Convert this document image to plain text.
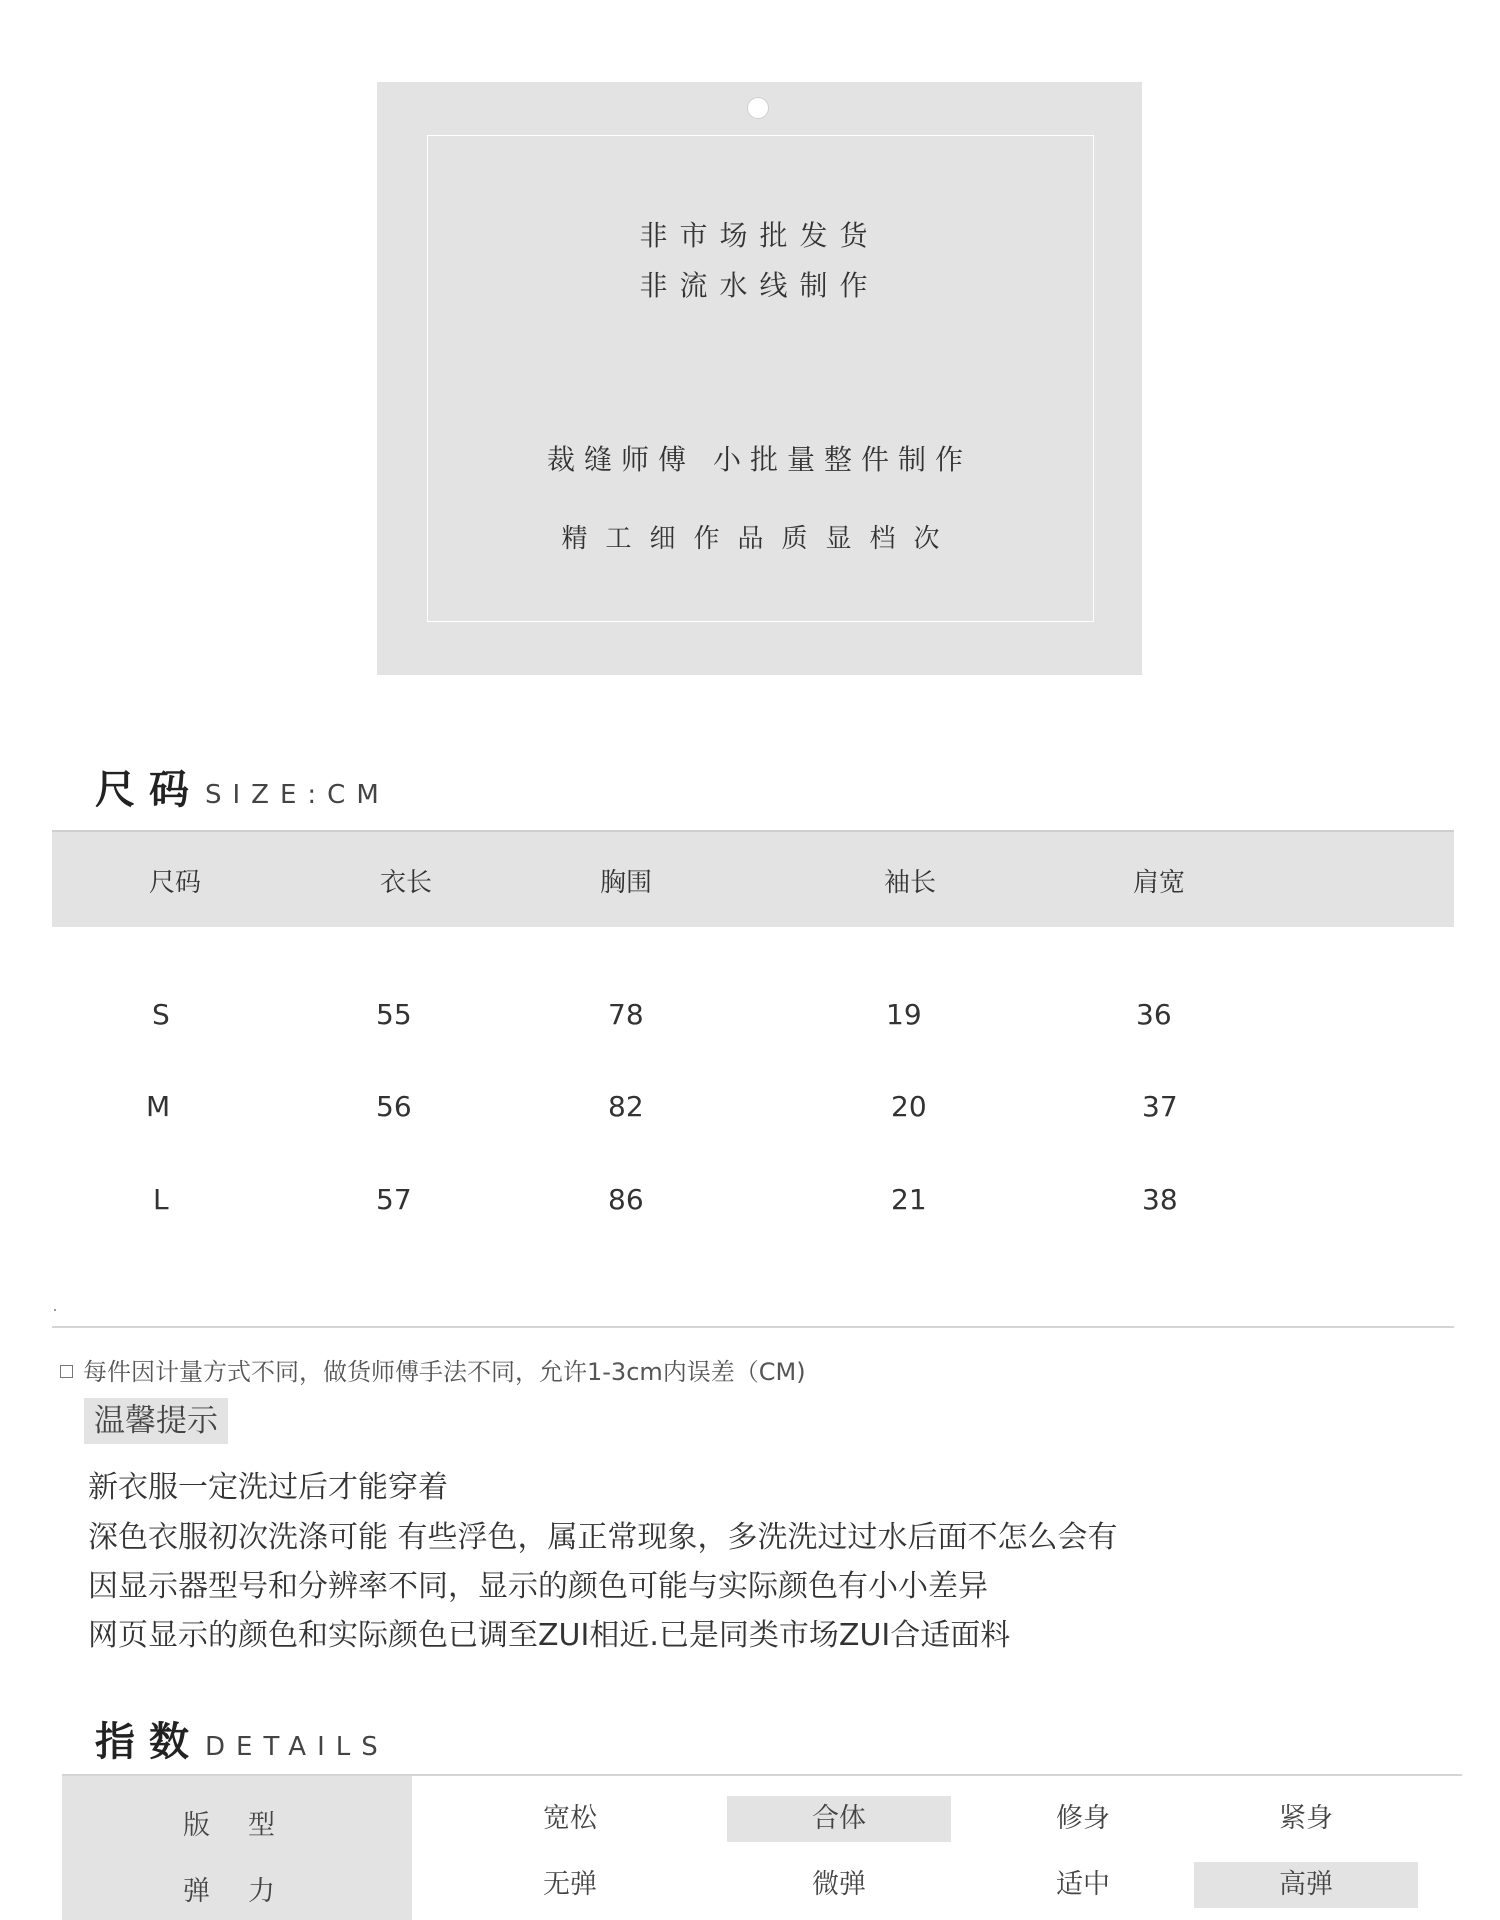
非市场批发货
非流水线制作
裁缝师傅 小批量整件制作
精工细作品质显档次
尺码SIZE:CM
尺码	衣长	胸围	袖长	肩宽
S	55	78	19	36
M	56	82	20	37
L	57	86	21	38
每件因计量方式不同，做货师傅手法不同，允许1-3cm内误差（CM)
温馨提示
新衣服一定洗过后才能穿着
深色衣服初次洗涤可能 有些浮色，属正常现象，多洗洗过过水后面不怎么会有
因显示器型号和分辨率不同，显示的颜色可能与实际颜色有小小差异
网页显示的颜色和实际颜色已调至ZUI相近.已是同类市场ZUI合适面料
指数DETAILS
版型	宽松	合体	修身	紧身
弹力	无弹	微弹	适中	高弹
